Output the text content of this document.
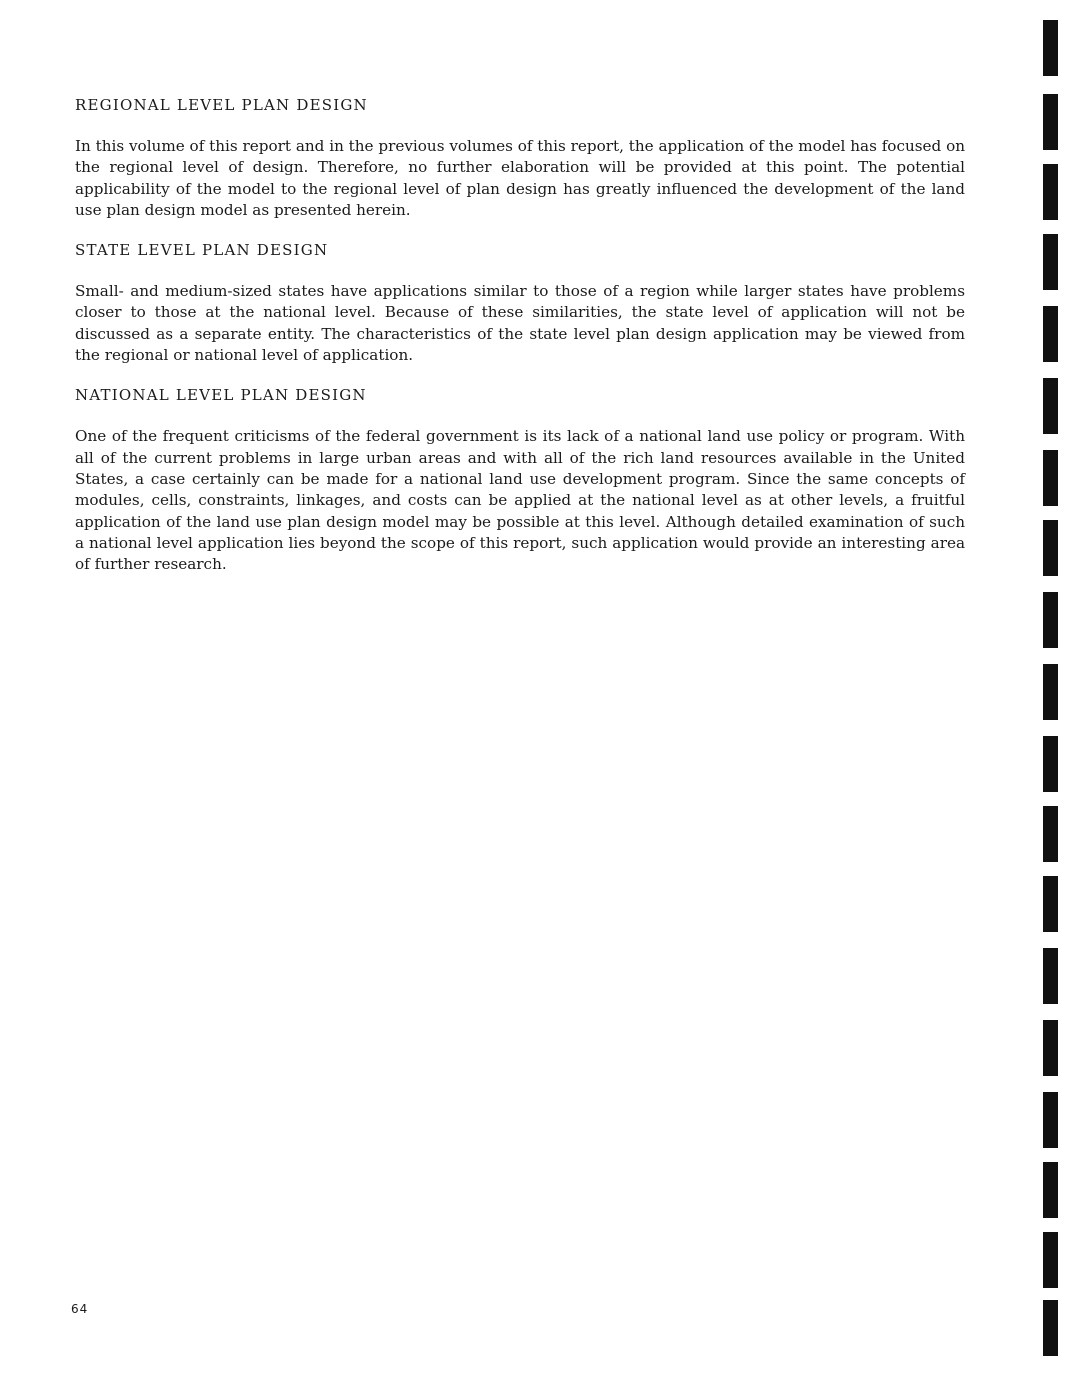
REGIONAL LEVEL PLAN DESIGN

In this volume of this report and in the previous volumes of this report, the application of the model has focused on the regional level of design. Therefore, no further elaboration will be provided at this point. The potential applicability of the model to the regional level of plan design has greatly influenced the development of the land use plan design model as presented herein.

STATE LEVEL PLAN DESIGN

Small- and medium-sized states have applications similar to those of a region while larger states have problems closer to those at the national level. Because of these similarities, the state level of application will not be discussed as a separate entity. The characteristics of the state level plan design application may be viewed from the regional or national level of application.

NATIONAL LEVEL PLAN DESIGN

One of the frequent criticisms of the federal government is its lack of a national land use policy or program. With all of the current problems in large urban areas and with all of the rich land resources available in the United States, a case certainly can be made for a national land use development program. Since the same concepts of modules, cells, constraints, linkages, and costs can be applied at the national level as at other levels, a fruitful application of the land use plan design model may be possible at this level. Although detailed examination of such a national level application lies beyond the scope of this report, such application would provide an interesting area of further research.

64
